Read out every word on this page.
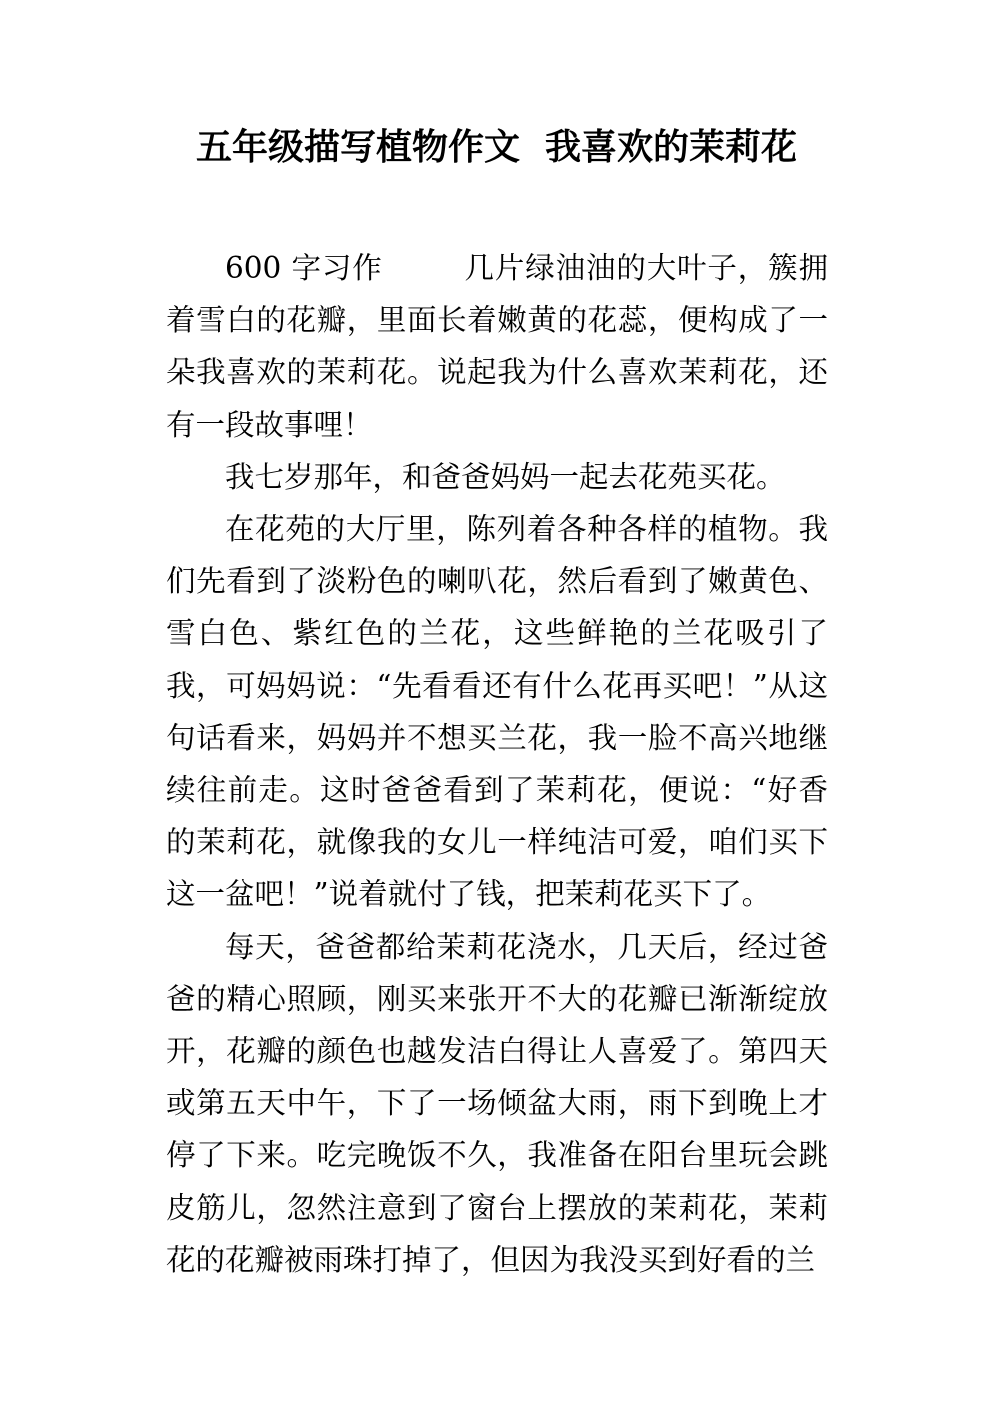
五年级描写植物作文  我喜欢的茉莉花

600 字习作        几片绿油油的大叶子，簇拥着雪白的花瓣，里面长着嫩黄的花蕊，便构成了一朵我喜欢的茉莉花。说起我为什么喜欢茉莉花，还有一段故事哩！

我七岁那年，和爸爸妈妈一起去花苑买花。

在花苑的大厅里，陈列着各种各样的植物。我们先看到了淡粉色的喇叭花，然后看到了嫩黄色、雪白色、紫红色的兰花，这些鲜艳的兰花吸引了我，可妈妈说：“先看看还有什么花再买吧！”从这句话看来，妈妈并不想买兰花，我一脸不高兴地继续往前走。这时爸爸看到了茉莉花，便说：“好香的茉莉花，就像我的女儿一样纯洁可爱，咱们买下这一盆吧！”说着就付了钱，把茉莉花买下了。

每天，爸爸都给茉莉花浇水，几天后，经过爸爸的精心照顾，刚买来张开不大的花瓣已渐渐绽放开，花瓣的颜色也越发洁白得让人喜爱了。第四天或第五天中午，下了一场倾盆大雨，雨下到晚上才停了下来。吃完晚饭不久，我准备在阳台里玩会跳皮筋儿，忽然注意到了窗台上摆放的茉莉花，茉莉花的花瓣被雨珠打掉了，但因为我没买到好看的兰
